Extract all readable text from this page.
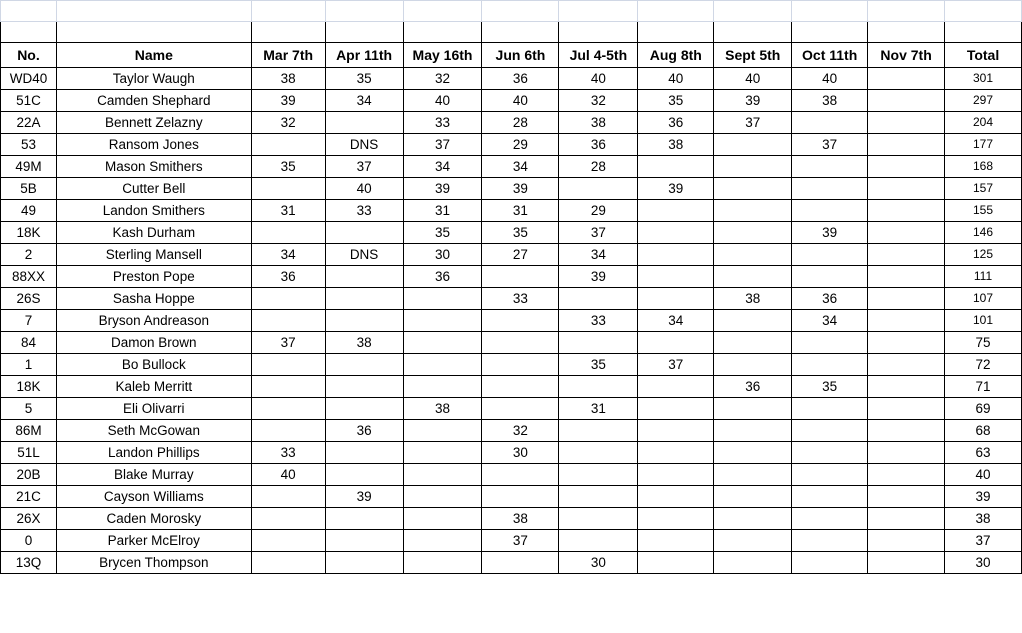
No.	Name	Mar 7th	Apr 11th	May 16th	Jun 6th	Jul 4-5th	Aug 8th	Sept 5th	Oct 11th	Nov 7th	Total
WD40	Taylor Waugh	38	35	32	36	40	40	40	40		301
51C	Camden Shephard	39	34	40	40	32	35	39	38		297
22A	Bennett Zelazny	32		33	28	38	36	37			204
53	Ransom Jones		DNS	37	29	36	38		37		177
49M	Mason Smithers	35	37	34	34	28					168
5B	Cutter Bell		40	39	39		39				157
49	Landon Smithers	31	33	31	31	29					155
18K	Kash Durham			35	35	37			39		146
2	Sterling Mansell	34	DNS	30	27	34					125
88XX	Preston Pope	36		36		39					111
26S	Sasha Hoppe				33			38	36		107
7	Bryson Andreason					33	34		34		101
84	Damon Brown	37	38								75
1	Bo Bullock					35	37				72
18K	Kaleb Merritt							36	35		71
5	Eli Olivarri			38		31					69
86M	Seth McGowan		36		32						68
51L	Landon Phillips	33			30						63
20B	Blake Murray	40									40
21C	Cayson Williams		39								39
26X	Caden Morosky				38						38
0	Parker McElroy				37						37
13Q	Brycen Thompson					30					30
